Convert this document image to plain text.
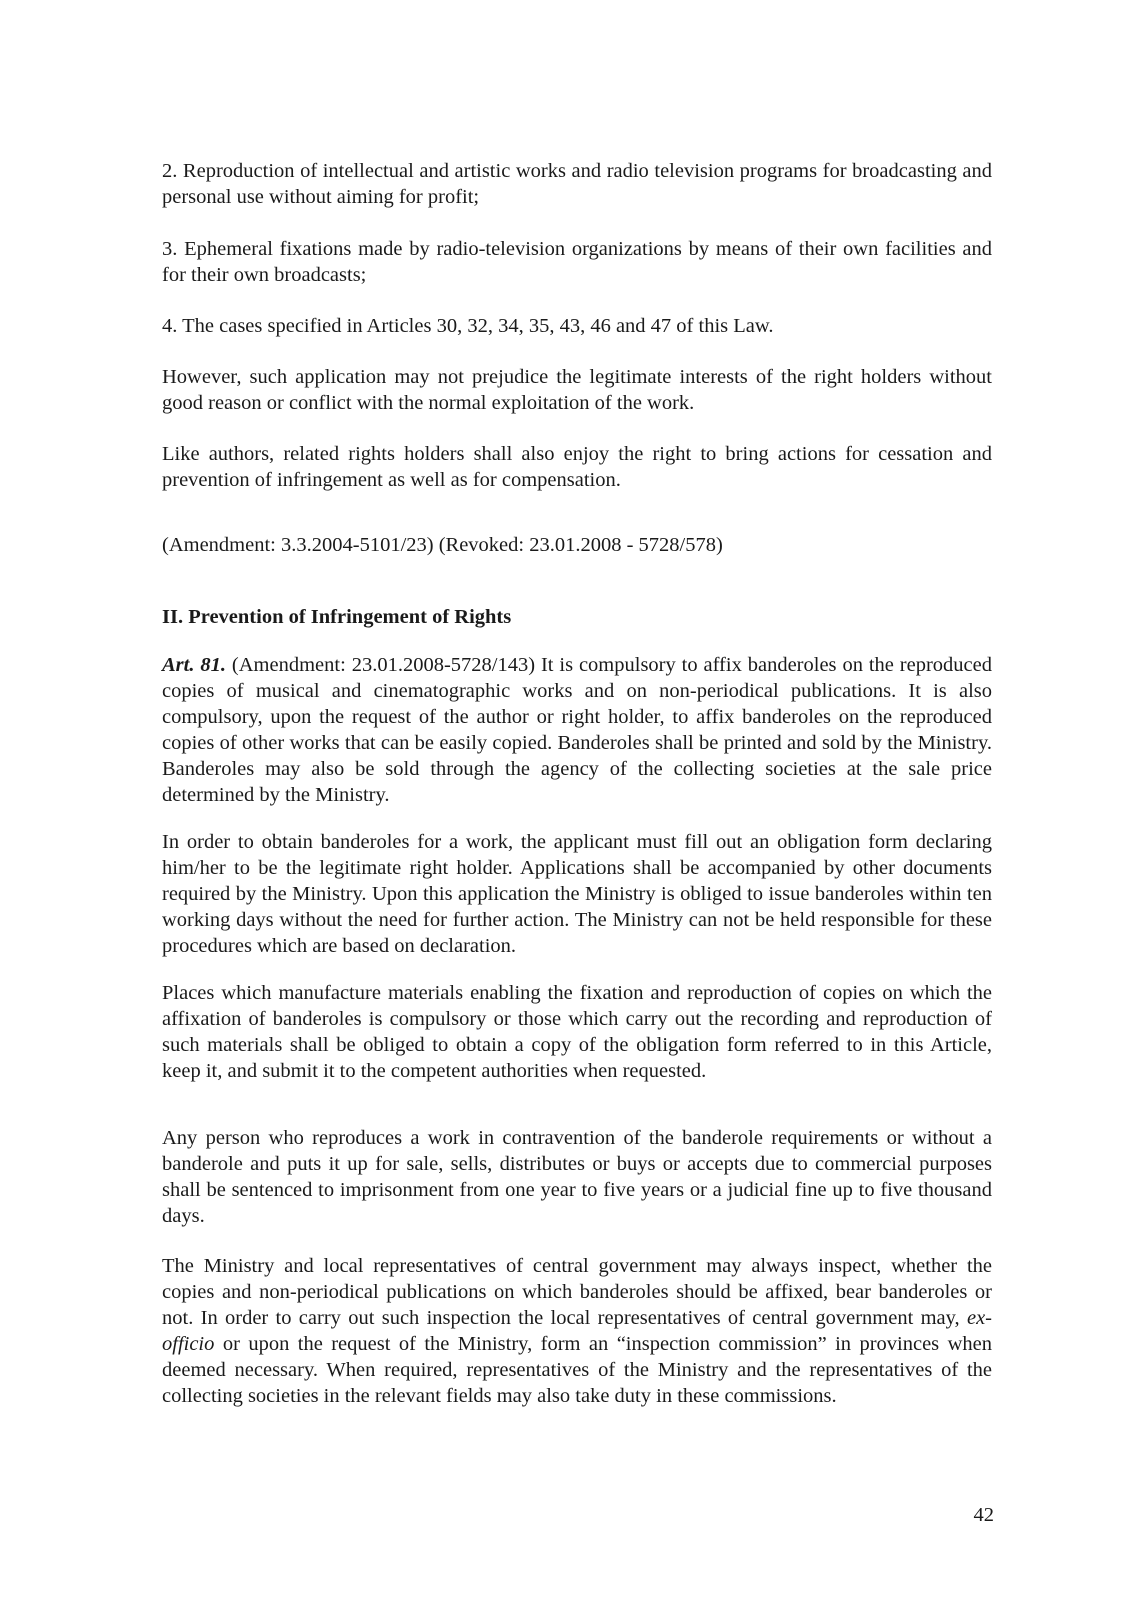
2. Reproduction of intellectual and artistic works and radio television programs for broadcasting and personal use without aiming for profit;

3. Ephemeral fixations made by radio-television organizations by means of their own facilities and for their own broadcasts;

4. The cases specified in Articles 30, 32, 34, 35, 43, 46 and 47 of this Law.

However, such application may not prejudice the legitimate interests of the right holders without good reason or conflict with the normal exploitation of the work.

Like authors, related rights holders shall also enjoy the right to bring actions for cessation and prevention of infringement as well as for compensation.

(Amendment: 3.3.2004-5101/23) (Revoked: 23.01.2008 - 5728/578)

II. Prevention of Infringement of Rights

Art. 81. (Amendment: 23.01.2008-5728/143) It is compulsory to affix banderoles on the reproduced copies of musical and cinematographic works and on non-periodical publications. It is also compulsory, upon the request of the author or right holder, to affix banderoles on the reproduced copies of other works that can be easily copied. Banderoles shall be printed and sold by the Ministry. Banderoles may also be sold through the agency of the collecting societies at the sale price determined by the Ministry.

In order to obtain banderoles for a work, the applicant must fill out an obligation form declaring him/her to be the legitimate right holder. Applications shall be accompanied by other documents required by the Ministry. Upon this application the Ministry is obliged to issue banderoles within ten working days without the need for further action. The Ministry can not be held responsible for these procedures which are based on declaration.

Places which manufacture materials enabling the fixation and reproduction of copies on which the affixation of banderoles is compulsory or those which carry out the recording and reproduction of such materials shall be obliged to obtain a copy of the obligation form referred to in this Article, keep it, and submit it to the competent authorities when requested.

Any person who reproduces a work in contravention of the banderole requirements or without a banderole and puts it up for sale, sells, distributes or buys or accepts due to commercial purposes shall be sentenced to imprisonment from one year to five years or a judicial fine up to five thousand days.

The Ministry and local representatives of central government may always inspect, whether the copies and non-periodical publications on which banderoles should be affixed, bear banderoles or not. In order to carry out such inspection the local representatives of central government may, ex-officio or upon the request of the Ministry, form an “inspection commission” in provinces when deemed necessary. When required, representatives of the Ministry and the representatives of the collecting societies in the relevant fields may also take duty in these commissions.

42
